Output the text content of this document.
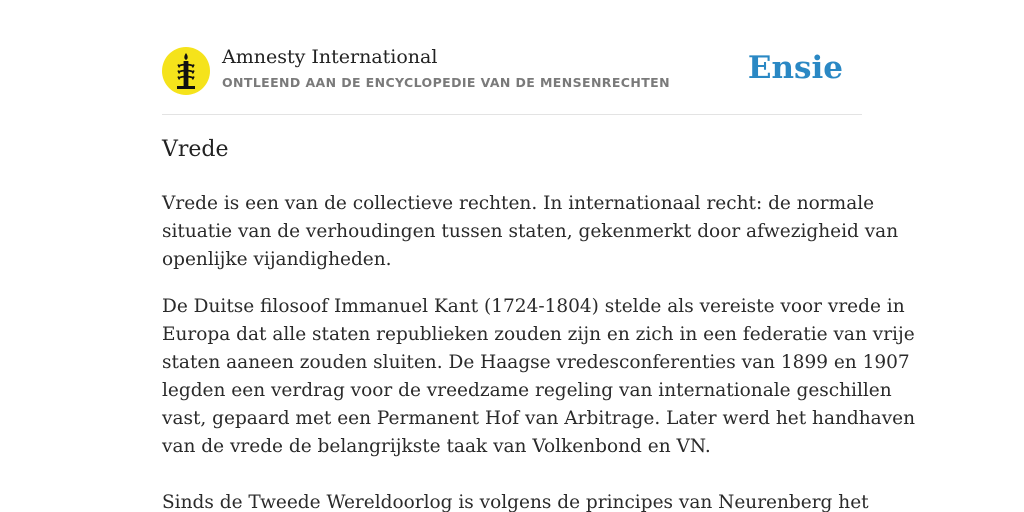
Amnesty International
ONTLEEND AAN DE ENCYCLOPEDIE VAN DE MENSENRECHTEN	Ensie
Vrede

Vrede is een van de collectieve rechten. In internationaal recht: de normale

situatie van de verhoudingen tussen staten, gekenmerkt door afwezigheid van

openlijke vijandigheden.

De Duitse filosoof Immanuel Kant (1724-1804) stelde als vereiste voor vrede in

Europa dat alle staten republieken zouden zijn en zich in een federatie van vrije

staten aaneen zouden sluiten. De Haagse vredesconferenties van 1899 en 1907

legden een verdrag voor de vreedzame regeling van internationale geschillen

vast, gepaard met een Permanent Hof van Arbitrage. Later werd het handhaven

van de vrede de belangrijkste taak van Volkenbond en VN.

Sinds de Tweede Wereldoorlog is volgens de principes van Neurenberg het
